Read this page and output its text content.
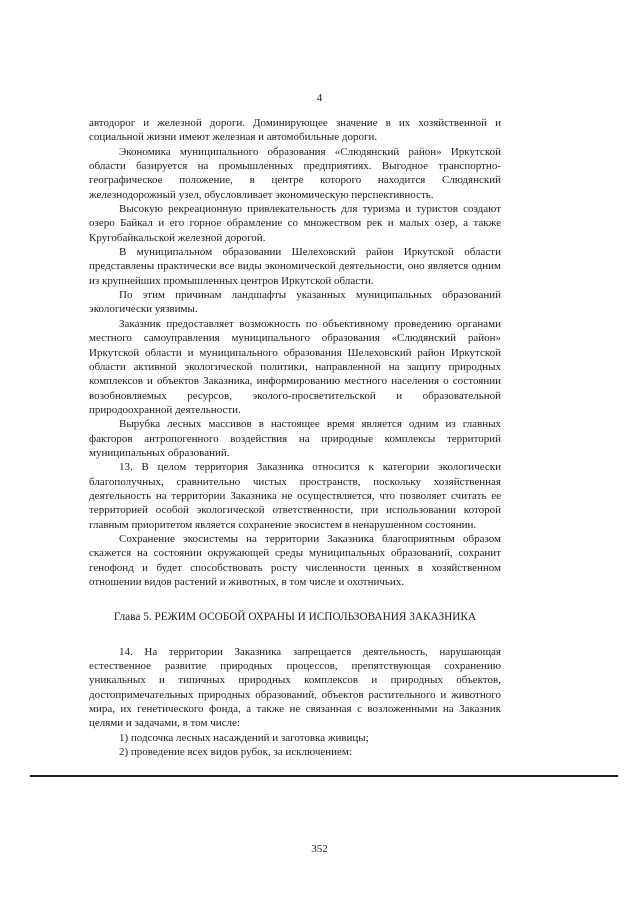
4

автодорог и железной дороги. Доминирующее значение в их хозяйственной и социальной жизни имеют железная и автомобильные дороги.

Экономика муниципального образования «Слюдянский район» Иркутской области базируется на промышленных предприятиях. Выгодное транспортно-географическое положение, в центре которого находится Слюдянский железнодорожный узел, обусловливает экономическую перспективность.

Высокую рекреационную привлекательность для туризма и туристов создают озеро Байкал и его горное обрамление со множеством рек и малых озер, а также Кругобайкальской железной дорогой.

В муниципальном образовании Шелеховский район Иркутской области представлены практически все виды экономической деятельности, оно является одним из крупнейших промышленных центров Иркутской области.

По этим причинам ландшафты указанных муниципальных образований экологически уязвимы.

Заказник предоставляет возможность по объективному проведению органами местного самоуправления муниципального образования «Слюдянский район» Иркутской области и муниципального образования Шелеховский район Иркутской области активной экологической политики, направленной на защиту природных комплексов и объектов Заказника, информированию местного населения о состоянии возобновляемых ресурсов, эколого-просветительской и образовательной природоохранной деятельности.

Вырубка лесных массивов в настоящее время является одним из главных факторов антропогенного воздействия на природные комплексы территорий муниципальных образований.

13. В целом территория Заказника относится к категории экологически благополучных, сравнительно чистых пространств, поскольку хозяйственная деятельность на территории Заказника не осуществляется, что позволяет считать ее территорией особой экологической ответственности, при использовании которой главным приоритетом является сохранение экосистем в ненарушенном состоянии.

Сохранение экосистемы на территории Заказника благоприятным образом скажется на состоянии окружающей среды муниципальных образований, сохранит генофонд и будет способствовать росту численности ценных в хозяйственном отношении видов растений и животных, в том числе и охотничьих.

Глава 5. РЕЖИМ ОСОБОЙ ОХРАНЫ И ИСПОЛЬЗОВАНИЯ ЗАКАЗНИКА

14. На территории Заказника запрещается деятельность, нарушающая естественное развитие природных процессов, препятствующая сохранению уникальных и типичных природных комплексов и природных объектов, достопримечательных природных образований, объектов растительного и животного мира, их генетического фонда, а также не связанная с возложенными на Заказник целями и задачами, в том числе:

1) подсочка лесных насаждений и заготовка живицы;

2) проведение всех видов рубок, за исключением:

352
